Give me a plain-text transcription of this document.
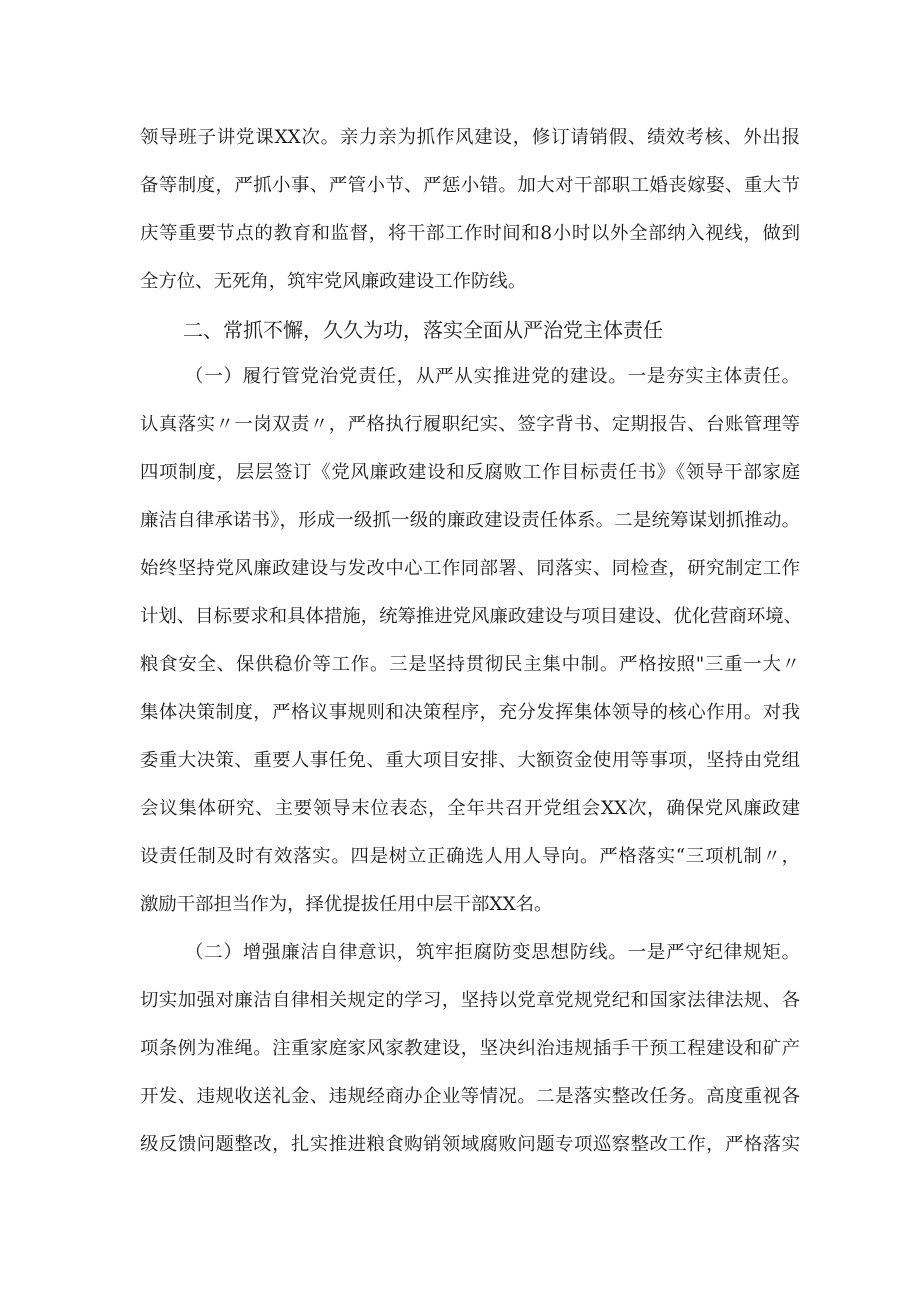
领导班子讲党课XX次。亲力亲为抓作风建设，修订请销假、绩效考核、外出报
备等制度，严抓小事、严管小节、严惩小错。加大对干部职工婚丧嫁娶、重大节
庆等重要节点的教育和监督，将干部工作时间和8小时以外全部纳入视线，做到
全方位、无死角，筑牢党风廉政建设工作防线。
二、常抓不懈，久久为功，落实全面从严治党主体责任
（一）履行管党治党责任，从严从实推进党的建设。一是夯实主体责任。
认真落实〃一岗双责〃，严格执行履职纪实、签字背书、定期报告、台账管理等
四项制度，层层签订《党风廉政建设和反腐败工作目标责任书》《领导干部家庭
廉洁自律承诺书》，形成一级抓一级的廉政建设责任体系。二是统筹谋划抓推动。
始终坚持党风廉政建设与发改中心工作同部署、同落实、同检查，研究制定工作
计划、目标要求和具体措施，统筹推进党风廉政建设与项目建设、优化营商环境、
粮食安全、保供稳价等工作。三是坚持贯彻民主集中制。严格按照"三重一大〃
集体决策制度，严格议事规则和决策程序，充分发挥集体领导的核心作用。对我
委重大决策、重要人事任免、重大项目安排、大额资金使用等事项，坚持由党组
会议集体研究、主要领导末位表态，全年共召开党组会XX次，确保党风廉政建
设责任制及时有效落实。四是树立正确选人用人导向。严格落实“三项机制〃，
激励干部担当作为，择优提拔任用中层干部XX名。
（二）增强廉洁自律意识，筑牢拒腐防变思想防线。一是严守纪律规矩。
切实加强对廉洁自律相关规定的学习，坚持以党章党规党纪和国家法律法规、各
项条例为准绳。注重家庭家风家教建设，坚决纠治违规插手干预工程建设和矿产
开发、违规收送礼金、违规经商办企业等情况。二是落实整改任务。高度重视各
级反馈问题整改，扎实推进粮食购销领域腐败问题专项巡察整改工作，严格落实
